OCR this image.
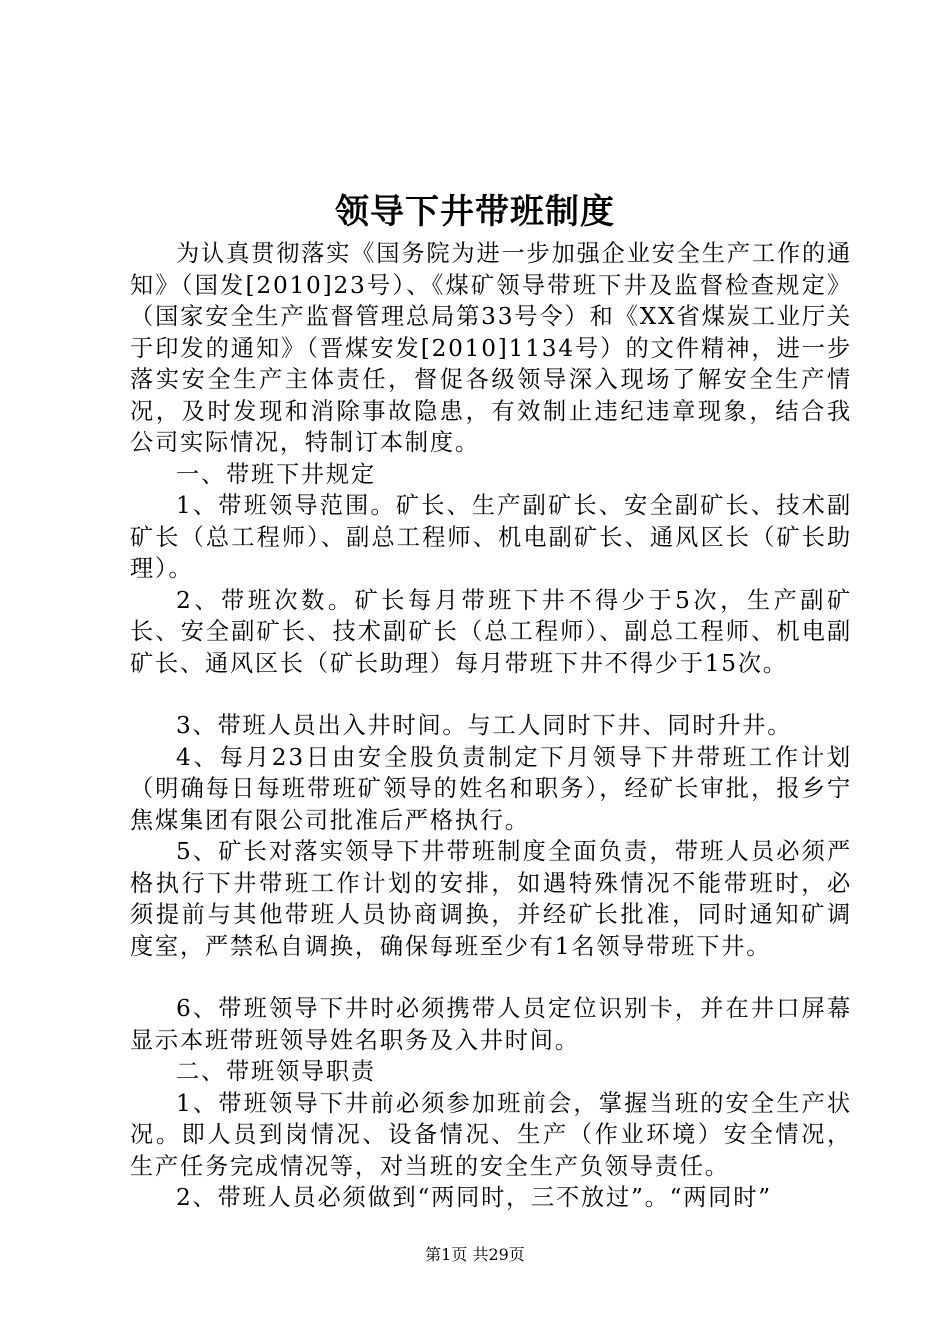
领导下井带班制度

为认真贯彻落实《国务院为进一步加强企业安全生产工作的通知》（国发[2010]23号）、《煤矿领导带班下井及监督检查规定》（国家安全生产监督管理总局第33号令）和《XX省煤炭工业厅关于印发的通知》（晋煤安发[2010]1134号）的文件精神，进一步落实安全生产主体责任，督促各级领导深入现场了解安全生产情况，及时发现和消除事故隐患，有效制止违纪违章现象，结合我公司实际情况，特制订本制度。

一、带班下井规定

1、带班领导范围。矿长、生产副矿长、安全副矿长、技术副矿长（总工程师）、副总工程师、机电副矿长、通风区长（矿长助理）。

2、带班次数。矿长每月带班下井不得少于5次，生产副矿长、安全副矿长、技术副矿长（总工程师）、副总工程师、机电副矿长、通风区长（矿长助理）每月带班下井不得少于15次。

3、带班人员出入井时间。与工人同时下井、同时升井。

4、每月23日由安全股负责制定下月领导下井带班工作计划（明确每日每班带班矿领导的姓名和职务），经矿长审批，报乡宁焦煤集团有限公司批准后严格执行。

5、矿长对落实领导下井带班制度全面负责，带班人员必须严格执行下井带班工作计划的安排，如遇特殊情况不能带班时，必须提前与其他带班人员协商调换，并经矿长批准，同时通知矿调度室，严禁私自调换，确保每班至少有1名领导带班下井。

6、带班领导下井时必须携带人员定位识别卡，并在井口屏幕显示本班带班领导姓名职务及入井时间。

二、带班领导职责

1、带班领导下井前必须参加班前会，掌握当班的安全生产状况。即人员到岗情况、设备情况、生产（作业环境）安全情况，生产任务完成情况等，对当班的安全生产负领导责任。

2、带班人员必须做到“两同时，三不放过”。“两同时”

第1页 共29页
